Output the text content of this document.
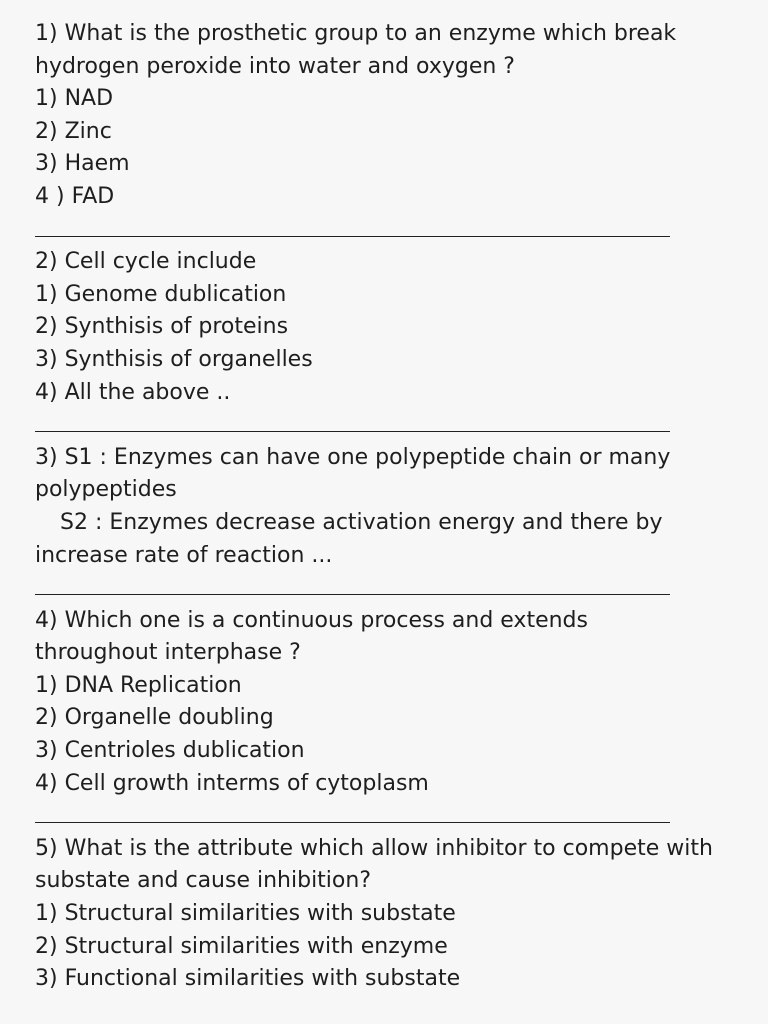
1) What is the prosthetic group to an enzyme which break

hydrogen peroxide into water and oxygen ?

1) NAD

2) Zinc

3) Haem

4 ) FAD

2) Cell cycle include

1) Genome dublication

2) Synthisis of proteins

3) Synthisis of organelles

4) All the above ..

3) S1 : Enzymes can have one polypeptide chain or many

polypeptides

S2 : Enzymes decrease activation energy and there by

increase rate of reaction ...

4) Which one is a continuous process and extends

throughout interphase ?

1) DNA Replication

2) Organelle doubling

3) Centrioles dublication

4) Cell growth interms of cytoplasm

5) What is the attribute which allow inhibitor to compete with

substate and cause inhibition?

1) Structural similarities with substate

2) Structural similarities with enzyme

3) Functional similarities with substate
